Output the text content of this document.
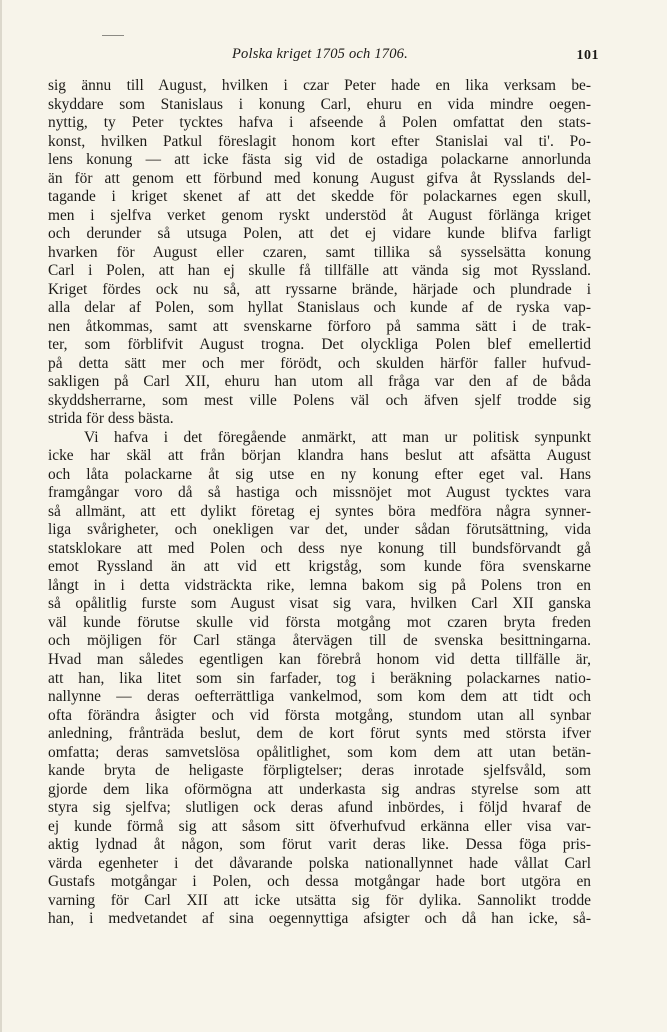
Polska kriget 1705 och 1706.	101
sig ännu till August, hvilken i czar Peter hade en lika verksam be-
skyddare som Stanislaus i konung Carl, ehuru en vida mindre oegen-
nyttig, ty Peter tycktes hafva i afseende å Polen omfattat den stats-
konst, hvilken Patkul föreslagit honom kort efter Stanislai val ti'. Po-
lens konung — att icke fästa sig vid de ostadiga polackarne annorlunda
än för att genom ett förbund med konung August gifva åt Rysslands del-
tagande i kriget skenet af att det skedde för polackarnes egen skull,
men i sjelfva verket genom ryskt understöd åt August förlänga kriget
och derunder så utsuga Polen, att det ej vidare kunde blifva farligt
hvarken för August eller czaren, samt tillika så sysselsätta konung
Carl i Polen, att han ej skulle få tillfälle att vända sig mot Ryssland.
Kriget fördes ock nu så, att ryssarne brände, härjade och plundrade i
alla delar af Polen, som hyllat Stanislaus och kunde af de ryska vap-
nen åtkommas, samt att svenskarne förforo på samma sätt i de trak-
ter, som förblifvit August trogna. Det olyckliga Polen blef emellertid
på detta sätt mer och mer förödt, och skulden härför faller hufvud-
sakligen på Carl XII, ehuru han utom all fråga var den af de båda
skyddsherrarne, som mest ville Polens väl och äfven sjelf trodde sig
strida för dess bästa.
Vi hafva i det föregående anmärkt, att man ur politisk synpunkt
icke har skäl att från början klandra hans beslut att afsätta August
och låta polackarne åt sig utse en ny konung efter eget val. Hans
framgångar voro då så hastiga och missnöjet mot August tycktes vara
så allmänt, att ett dylikt företag ej syntes böra medföra några synner-
liga svårigheter, och onekligen var det, under sådan förutsättning, vida
statsklokare att med Polen och dess nye konung till bundsförvandt gå
emot Ryssland än att vid ett krigståg, som kunde föra svenskarne
långt in i detta vidsträckta rike, lemna bakom sig på Polens tron en
så opålitlig furste som August visat sig vara, hvilken Carl XII ganska
väl kunde förutse skulle vid första motgång mot czaren bryta freden
och möjligen för Carl stänga återvägen till de svenska besittningarna.
Hvad man således egentligen kan förebrå honom vid detta tillfälle är,
att han, lika litet som sin farfader, tog i beräkning polackarnes natio-
nallynne — deras oefterrättliga vankelmod, som kom dem att tidt och
ofta förändra åsigter och vid första motgång, stundom utan all synbar
anledning, frånträda beslut, dem de kort förut synts med största ifver
omfatta; deras samvetslösa opålitlighet, som kom dem att utan betän-
kande bryta de heligaste förpligtelser; deras inrotade sjelfsvåld, som
gjorde dem lika oförmögna att underkasta sig andras styrelse som att
styra sig sjelfva; slutligen ock deras afund inbördes, i följd hvaraf de
ej kunde förmå sig att såsom sitt öfverhufvud erkänna eller visa var-
aktig lydnad åt någon, som förut varit deras like. Dessa föga pris-
värda egenheter i det dåvarande polska nationallynnet hade vållat Carl
Gustafs motgångar i Polen, och dessa motgångar hade bort utgöra en
varning för Carl XII att icke utsätta sig för dylika. Sannolikt trodde
han, i medvetandet af sina oegennyttiga afsigter och då han icke, så-
